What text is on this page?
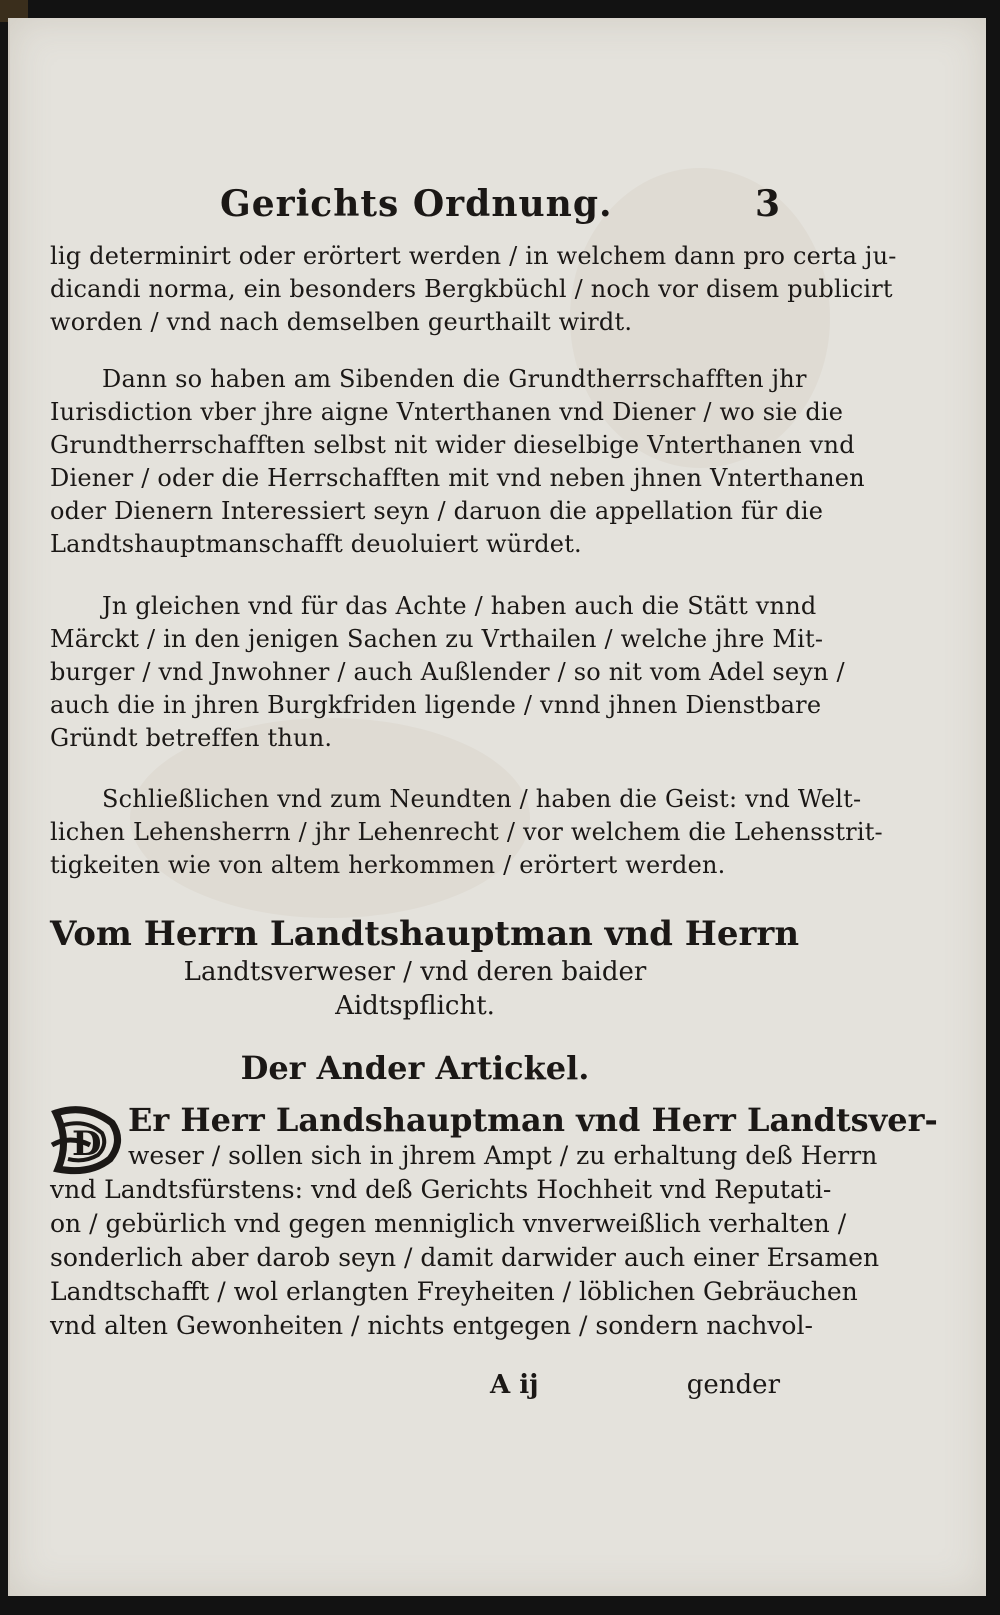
Gerichts Ordnung.	3
lig determinirt oder erörtert werden / in welchem dann pro certa ju-
dicandi norma, ein besonders Bergkbüchl / noch vor disem publicirt
worden / vnd nach demselben geurthailt wirdt.
Dann so haben am Sibenden die Grundtherrschafften jhr
Iurisdiction vber jhre aigne Vnterthanen vnd Diener / wo sie die
Grundtherrschafften selbst nit wider dieselbige Vnterthanen vnd
Diener / oder die Herrschafften mit vnd neben jhnen Vnterthanen
oder Dienern Interessiert seyn / daruon die appellation für die
Landtshauptmanschafft deuoluiert würdet.
Jn gleichen vnd für das Achte / haben auch die Stätt vnnd
Märckt / in den jenigen Sachen zu Vrthailen / welche jhre Mit-
burger / vnd Jnwohner / auch Außlender / so nit vom Adel seyn /
auch die in jhren Burgkfriden ligende / vnnd jhnen Dienstbare
Gründt betreffen thun.
Schließlichen vnd zum Neundten / haben die Geist: vnd Welt-
lichen Lehensherrn / jhr Lehenrecht / vor welchem die Lehensstrit-
tigkeiten wie von altem herkommen / erörtert werden.
Vom Herrn Landtshauptman vnd Herrn
Landtsverweser / vnd deren baider
Aidtspflicht.
Der Ander Artickel.
D
Er Herr Landshauptman vnd Herr Landtsver-
weser / sollen sich in jhrem Ampt / zu erhaltung deß Herrn
vnd Landtsfürstens: vnd deß Gerichts Hochheit vnd Reputati-
on / gebürlich vnd gegen menniglich vnverweißlich verhalten /
sonderlich aber darob seyn / damit darwider auch einer Ersamen
Landtschafft / wol erlangten Freyheiten / löblichen Gebräuchen
vnd alten Gewonheiten / nichts entgegen / sondern nachvol-
A ij	gender
